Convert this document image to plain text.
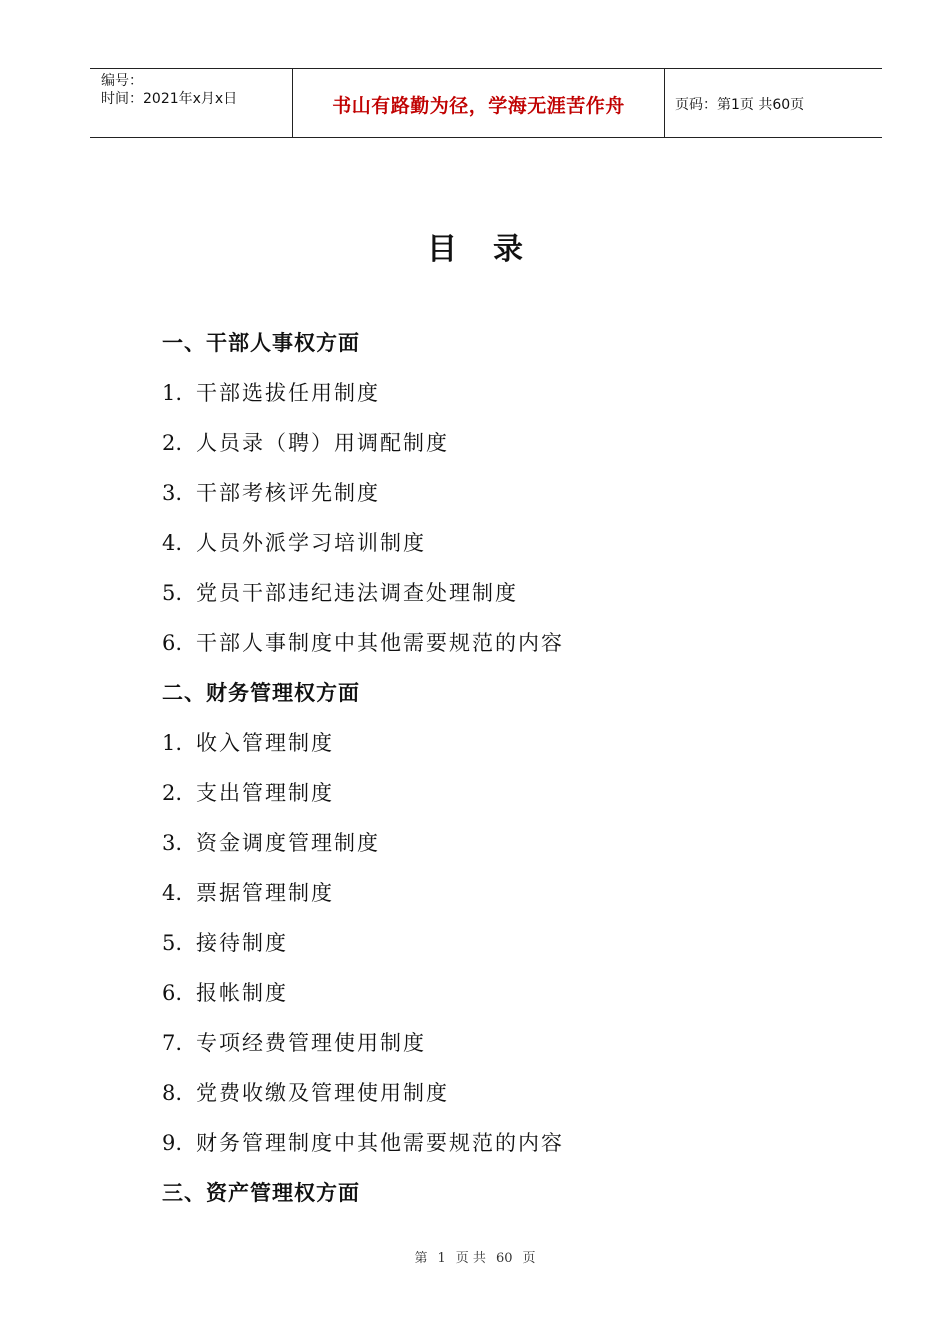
编号：
时间：2021年x月x日	书山有路勤为径，学海无涯苦作舟	页码：第1页 共60页
目录
一、干部人事权方面
1. 干部选拔任用制度
2. 人员录（聘）用调配制度
3. 干部考核评先制度
4. 人员外派学习培训制度
5. 党员干部违纪违法调查处理制度
6. 干部人事制度中其他需要规范的内容
二、财务管理权方面
1. 收入管理制度
2. 支出管理制度
3. 资金调度管理制度
4. 票据管理制度
5. 接待制度
6. 报帐制度
7. 专项经费管理使用制度
8. 党费收缴及管理使用制度
9. 财务管理制度中其他需要规范的内容
三、资产管理权方面
第 1 页 共 60 页
